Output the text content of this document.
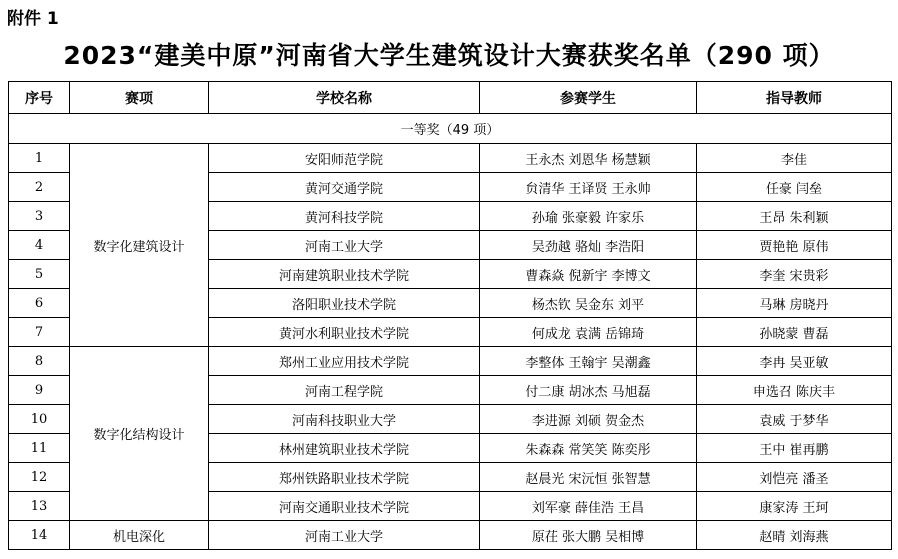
附件 1
2023“建美中原”河南省大学生建筑设计大赛获奖名单（290 项）
序号	赛项	学校名称	参赛学生	指导教师
一等奖（49 项）				
1	数字化建筑设计	安阳师范学院	王永杰 刘恩华 杨慧颖	李佳
2		黄河交通学院	贠清华 王译贤 王永帅	任豪 闫垒
3		黄河科技学院	孙瑜 张豪毅 许家乐	王昂 朱利颖
4		河南工业大学	吴劲越 骆灿 李浩阳	贾艳艳 原伟
5		河南建筑职业技术学院	曹森焱 倪新宇 李博文	李奎 宋贵彩
6		洛阳职业技术学院	杨杰钦 吴金东 刘平	马琳 房晓丹
7		黄河水利职业技术学院	何成龙 袁满 岳锦琦	孙晓蒙 曹磊
8	数字化结构设计	郑州工业应用技术学院	李整体 王翰宇 吴潮鑫	李冉 吴亚敏
9		河南工程学院	付二康 胡冰杰 马旭磊	申选召 陈庆丰
10		河南科技职业大学	李进源 刘硕 贺金杰	袁威 于梦华
11		林州建筑职业技术学院	朱森森 常笑笑 陈奕彤	王中 崔再鹏
12		郑州铁路职业技术学院	赵晨光 宋沅恒 张智慧	刘恺亮 潘圣
13		河南交通职业技术学院	刘军豪 薛佳浩 王昌	康家涛 王珂
14	机电深化	河南工业大学	原茌 张大鹏 吴相博	赵晴 刘海燕
